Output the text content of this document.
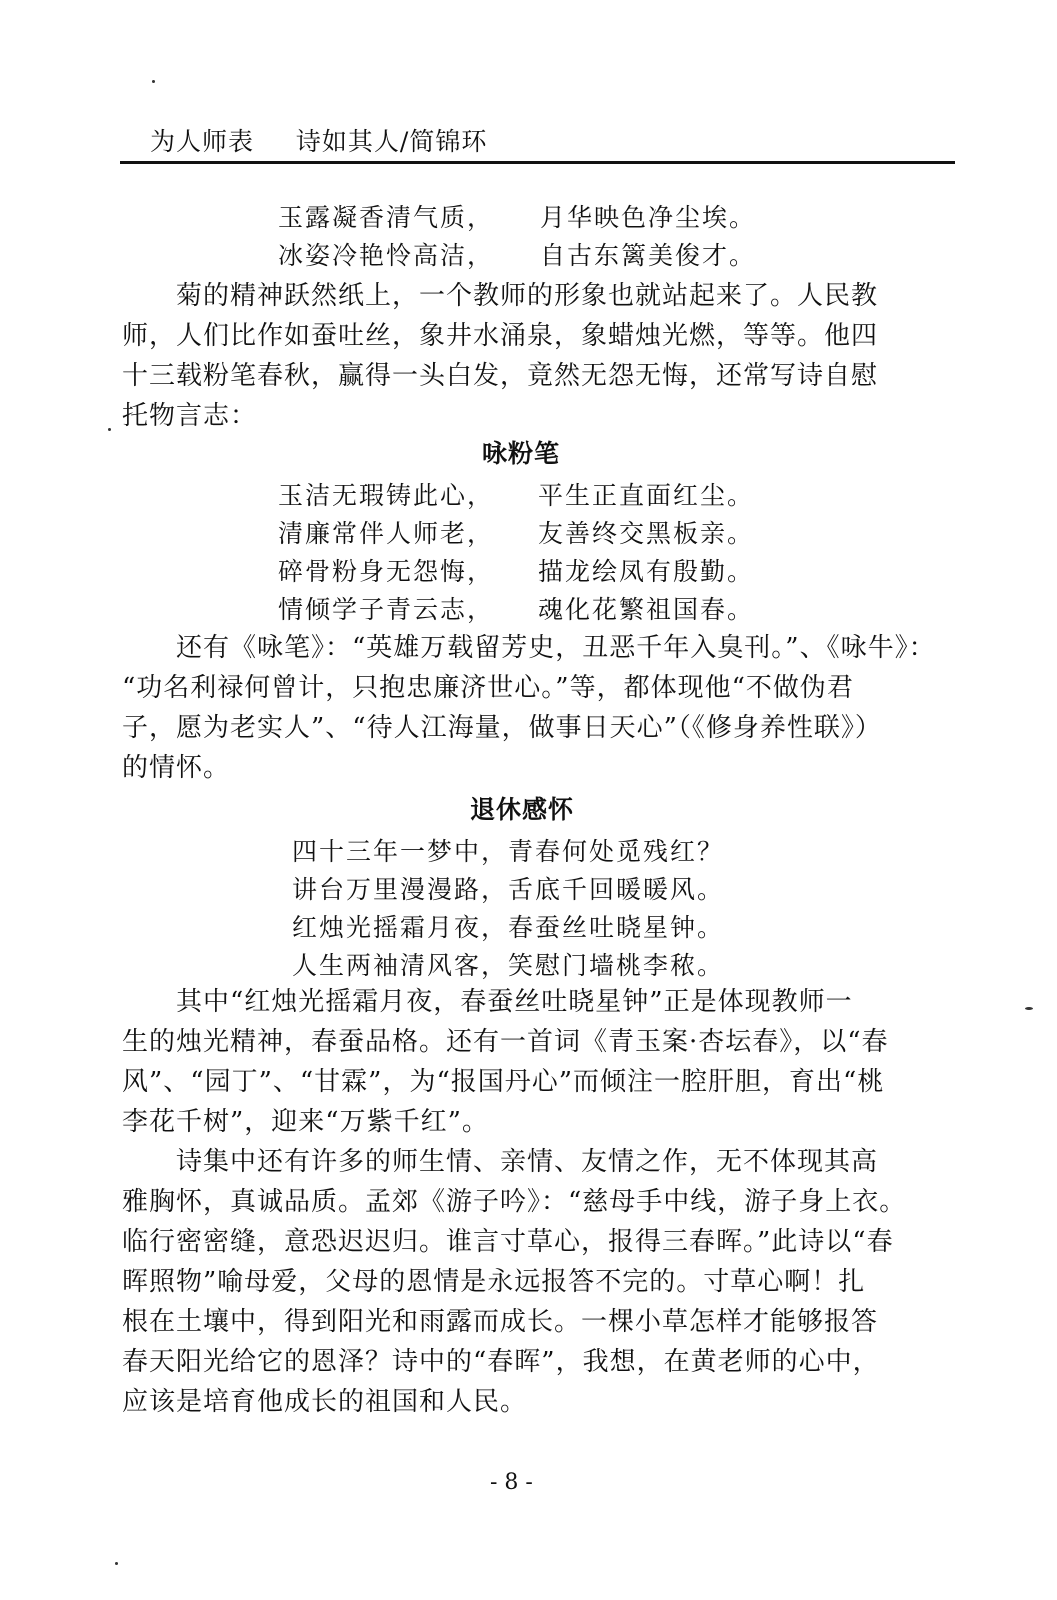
为人师表 诗如其人/简锦环
玉露凝香清气质， 月华映色净尘埃。
冰姿冷艳怜高洁， 自古东篱美俊才。
　　菊的精神跃然纸上，一个教师的形象也就站起来了。人民教
师，人们比作如蚕吐丝，象井水涌泉，象蜡烛光燃，等等。他四
十三载粉笔春秋，赢得一头白发，竟然无怨无悔，还常写诗自慰
托物言志：
咏粉笔
玉洁无瑕铸此心， 平生正直面红尘。
清廉常伴人师老， 友善终交黑板亲。
碎骨粉身无怨悔， 描龙绘凤有殷勤。
情倾学子青云志， 魂化花繁祖国春。
　　还有《咏笔》：“英雄万载留芳史，丑恶千年入臭刊。”、《咏牛》：
“功名利禄何曾计，只抱忠廉济世心。”等，都体现他“不做伪君
子，愿为老实人”、“待人江海量，做事日天心”（《修身养性联》）
的情怀。
退休感怀
四十三年一梦中，青春何处觅残红？
讲台万里漫漫路，舌底千回暖暖风。
红烛光摇霜月夜，春蚕丝吐晓星钟。
人生两袖清风客，笑慰门墙桃李秾。
　　其中“红烛光摇霜月夜，春蚕丝吐晓星钟”正是体现教师一
生的烛光精神，春蚕品格。还有一首词《青玉案·杏坛春》，以“春
风”、“园丁”、“甘霖”，为“报国丹心”而倾注一腔肝胆，育出“桃
李花千树”，迎来“万紫千红”。
　　诗集中还有许多的师生情、亲情、友情之作，无不体现其高
雅胸怀，真诚品质。孟郊《游子吟》：“慈母手中线，游子身上衣。
临行密密缝，意恐迟迟归。谁言寸草心，报得三春晖。”此诗以“春
晖照物”喻母爱，父母的恩情是永远报答不完的。寸草心啊！扎
根在土壤中，得到阳光和雨露而成长。一棵小草怎样才能够报答
春天阳光给它的恩泽？诗中的“春晖”，我想，在黄老师的心中，
应该是培育他成长的祖国和人民。
- 8 -
